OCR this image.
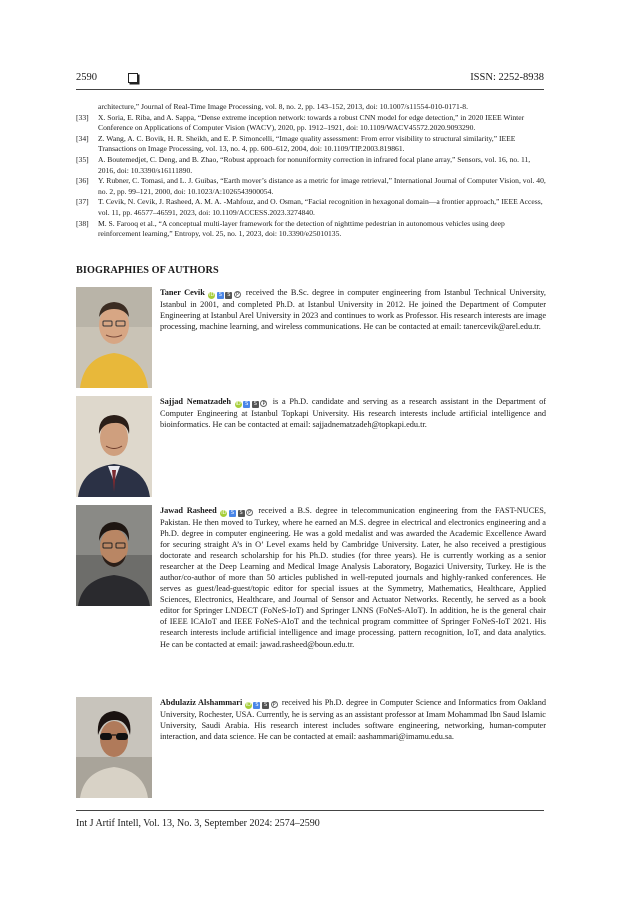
2590	ISSN: 2252-8938
architecture,” Journal of Real-Time Image Processing, vol. 8, no. 2, pp. 143–152, 2013, doi: 10.1007/s11554-010-0171-8.
[33]	X. Soria, E. Riba, and A. Sappa, “Dense extreme inception network: towards a robust CNN model for edge detection,” in 2020 IEEE Winter Conference on Applications of Computer Vision (WACV), 2020, pp. 1912–1921, doi: 10.1109/WACV45572.2020.9093290.
[34]	Z. Wang, A. C. Bovik, H. R. Sheikh, and E. P. Simoncelli, “Image quality assessment: From error visibility to structural similarity,” IEEE Transactions on Image Processing, vol. 13, no. 4, pp. 600–612, 2004, doi: 10.1109/TIP.2003.819861.
[35]	A. Boutemedjet, C. Deng, and B. Zhao, “Robust approach for nonuniformity correction in infrared focal plane array,” Sensors, vol. 16, no. 11, 2016, doi: 10.3390/s16111890.
[36]	Y. Rubner, C. Tomasi, and L. J. Guibas, “Earth mover’s distance as a metric for image retrieval,” International Journal of Computer Vision, vol. 40, no. 2, pp. 99–121, 2000, doi: 10.1023/A:1026543900054.
[37]	T. Cevik, N. Cevik, J. Rasheed, A. M. A. -Mahfouz, and O. Osman, “Facial recognition in hexagonal domain—a frontier approach,” IEEE Access, vol. 11, pp. 46577–46591, 2023, doi: 10.1109/ACCESS.2023.3274840.
[38]	M. S. Farooq et al., “A conceptual multi-layer framework for the detection of nighttime pedestrian in autonomous vehicles using deep reinforcement learning,” Entropy, vol. 25, no. 1, 2023, doi: 10.3390/e25010135.
BIOGRAPHIES OF AUTHORS
Taner Cevik iD S S P received the B.Sc. degree in computer engineering from Istanbul Technical University, Istanbul in 2001, and completed Ph.D. at Istanbul University in 2012. He joined the Department of Computer Engineering at Istanbul Arel University in 2023 and continues to work as Professor. His research interests are image processing, machine learning, and wireless communications. He can be contacted at email: tanercevik@arel.edu.tr.
Sajjad Nematzadeh iD S S P is a Ph.D. candidate and serving as a research assistant in the Department of Computer Engineering at Istanbul Topkapi University. His research interests include artificial intelligence and bioinformatics. He can be contacted at email: sajjadnematzadeh@topkapi.edu.tr.
Jawad Rasheed iD S S P received a B.S. degree in telecommunication engineering from the FAST-NUCES, Pakistan. He then moved to Turkey, where he earned an M.S. degree in electrical and electronics engineering and a Ph.D. degree in computer engineering. He was a gold medalist and was awarded the Academic Excellence Award for securing straight A’s in O’ Level exams held by Cambridge University. Later, he also received a prestigious doctorate and research scholarship for his Ph.D. studies (for three years). He is currently working as a senior researcher at the Deep Learning and Medical Image Analysis Laboratory, Bogazici University, Turkey. He is the author/co-author of more than 50 articles published in well-reputed journals and highly-ranked conferences. He serves as guest/lead-guest/topic editor for special issues at the Symmetry, Mathematics, Healthcare, Applied Sciences, Electronics, Healthcare, and Journal of Sensor and Actuator Networks. Recently, he served as a book editor for Springer LNDECT (FoNeS-IoT) and Springer LNNS (FoNeS-AIoT). In addition, he is the general chair of IEEE ICAIoT and IEEE FoNeS-AIoT and the technical program committee of Springer FoNeS-IoT 2021. His research interests include artificial intelligence and image processing. pattern recognition, IoT, and data analytics. He can be contacted at email: jawad.rasheed@boun.edu.tr.
Abdulaziz Alshammari iD S S P received his Ph.D. degree in Computer Science and Informatics from Oakland University, Rochester, USA. Currently, he is serving as an assistant professor at Imam Mohammad Ibn Saud Islamic University, Saudi Arabia. His research interest includes software engineering, networking, human-computer interaction, and data science. He can be contacted at email: aashammari@imamu.edu.sa.
Int J Artif Intell, Vol. 13, No. 3, September 2024: 2574–2590
